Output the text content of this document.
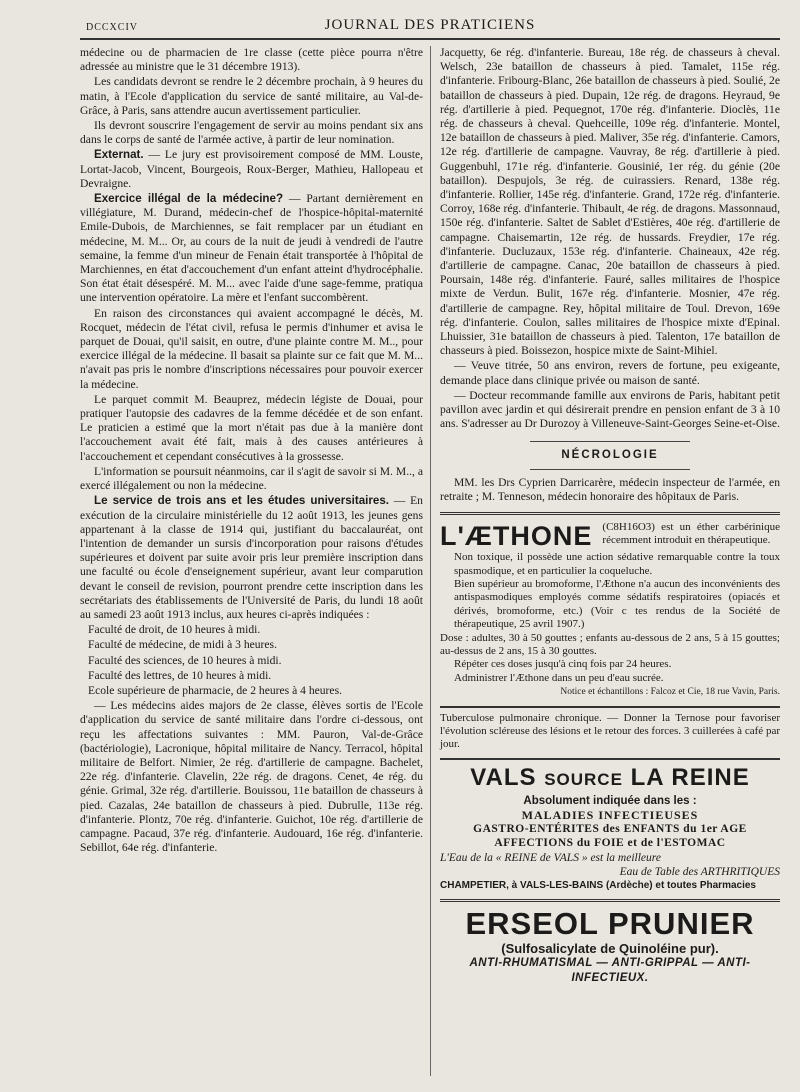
DCCXCIV	JOURNAL DES PRATICIENS

médecine ou de pharmacien de 1re classe (cette pièce pourra n'être adressée au ministre que le 31 décembre 1913).

Les candidats devront se rendre le 2 décembre prochain, à 9 heures du matin, à l'Ecole d'application du service de santé militaire, au Val-de-Grâce, à Paris, sans attendre aucun avertissement particulier.

Ils devront souscrire l'engagement de servir au moins pendant six ans dans le corps de santé de l'armée active, à partir de leur nomination.

Externat. — Le jury est provisoirement composé de MM. Louste, Lortat-Jacob, Vincent, Bourgeois, Roux-Berger, Mathieu, Hallopeau et Devraigne.

Exercice illégal de la médecine? — Partant dernièrement en villégiature, M. Durand, médecin-chef de l'hospice-hôpital-maternité Emile-Dubois, de Marchiennes, se fait remplacer par un étudiant en médecine, M. M... Or, au cours de la nuit de jeudi à vendredi de l'autre semaine, la femme d'un mineur de Fenain était transportée à l'hôpital de Marchiennes, en état d'accouchement d'un enfant atteint d'hydrocéphalie. Son état était désespéré. M. M... avec l'aide d'une sage-femme, pratiqua une intervention opératoire. La mère et l'enfant succombèrent.

En raison des circonstances qui avaient accompagné le décès, M. Rocquet, médecin de l'état civil, refusa le permis d'inhumer et avisa le parquet de Douai, qu'il saisit, en outre, d'une plainte contre M. M.., pour exercice illégal de la médecine. Il basait sa plainte sur ce fait que M. M... n'avait pas pris le nombre d'inscriptions nécessaires pour pouvoir exercer la médecine.

Le parquet commit M. Beauprez, médecin légiste de Douai, pour pratiquer l'autopsie des cadavres de la femme décédée et de son enfant. Le praticien a estimé que la mort n'était pas due à la manière dont l'accouchement avait été fait, mais à des causes antérieures à l'accouchement et cependant consécutives à la grossesse.

L'information se poursuit néanmoins, car il s'agit de savoir si M. M.., a exercé illégalement ou non la médecine.

Le service de trois ans et les études universitaires. — En exécution de la circulaire ministérielle du 12 août 1913, les jeunes gens appartenant à la classe de 1914 qui, justifiant du baccalauréat, ont l'intention de demander un sursis d'incorporation pour raisons d'études supérieures et doivent par suite avoir pris leur première inscription dans une faculté ou école d'enseignement supérieur, avant leur comparution devant le conseil de revision, pourront prendre cette inscription dans les secrétariats des établissements de l'Université de Paris, du lundi 18 août au samedi 23 août 1913 inclus, aux heures ci-après indiquées :

Faculté de droit, de 10 heures à midi.

Faculté de médecine, de midi à 3 heures.

Faculté des sciences, de 10 heures à midi.

Faculté des lettres, de 10 heures à midi.

Ecole supérieure de pharmacie, de 2 heures à 4 heures.

— Les médecins aides majors de 2e classe, élèves sortis de l'Ecole d'application du service de santé militaire dans l'ordre ci-dessous, ont reçu les affectations suivantes : MM. Pauron, Val-de-Grâce (bactériologie), Lacronique, hôpital militaire de Nancy. Terracol, hôpital militaire de Belfort. Nimier, 2e rég. d'artillerie de campagne. Bachelet, 22e rég. d'infanterie. Clavelin, 22e rég. de dragons. Cenet, 4e rég. du génie. Grimal, 32e rég. d'artillerie. Bouissou, 11e bataillon de chasseurs à pied. Cazalas, 24e bataillon de chasseurs à pied. Dubrulle, 113e rég. d'infanterie. Plontz, 70e rég. d'infanterie. Guichot, 10e rég. d'artillerie de campagne. Pacaud, 37e rég. d'infanterie. Audouard, 16e rég. d'infanterie. Sebillot, 64e rég. d'infanterie.

Jacquetty, 6e rég. d'infanterie. Bureau, 18e rég. de chasseurs à cheval. Welsch, 23e bataillon de chasseurs à pied. Tamalet, 115e rég. d'infanterie. Fribourg-Blanc, 26e bataillon de chasseurs à pied. Soulié, 2e bataillon de chasseurs à pied. Dupain, 12e rég. de dragons. Heyraud, 9e rég. d'artillerie à pied. Pequegnot, 170e rég. d'infanterie. Dioclès, 11e rég. de chasseurs à cheval. Quehceille, 109e rég. d'infanterie. Montel, 12e bataillon de chasseurs à pied. Maliver, 35e rég. d'infanterie. Camors, 12e rég. d'artillerie de campagne. Vauvray, 8e rég. d'artillerie à pied. Guggenbuhl, 171e rég. d'infanterie. Gousinié, 1er rég. du génie (20e bataillon). Despujols, 3e rég. de cuirassiers. Renard, 138e rég. d'infanterie. Rollier, 145e rég. d'infanterie. Grand, 172e rég. d'infanterie. Corroy, 168e rég. d'infanterie. Thibault, 4e rég. de dragons. Massonnaud, 150e rég. d'infanterie. Saltet de Sablet d'Estières, 40e rég. d'artillerie de campagne. Chaisemartin, 12e rég. de hussards. Freydier, 17e rég. d'infanterie. Ducluzaux, 153e rég. d'infanterie. Chaineaux, 42e rég. d'artillerie de campagne. Canac, 20e bataillon de chasseurs à pied. Poursain, 148e rég. d'infanterie. Fauré, salles militaires de l'hospice mixte de Verdun. Bulit, 167e rég. d'infanterie. Mosnier, 47e rég. d'artillerie de campagne. Rey, hôpital militaire de Toul. Drevon, 169e rég. d'infanterie. Coulon, salles militaires de l'hospice mixte d'Epinal. Lhuissier, 31e bataillon de chasseurs à pied. Talenton, 17e bataillon de chasseurs à pied. Boissezon, hospice mixte de Saint-Mihiel.

— Veuve titrée, 50 ans environ, revers de fortune, peu exigeante, demande place dans clinique privée ou maison de santé.

— Docteur recommande famille aux environs de Paris, habitant petit pavillon avec jardin et qui désirerait prendre en pension enfant de 3 à 10 ans. S'adresser au Dr Durozoy à Villeneuve-Saint-Georges Seine-et-Oise.

NÉCROLOGIE

MM. les Drs Cyprien Darricarère, médecin inspecteur de l'armée, en retraite ; M. Tenneson, médecin honoraire des hôpitaux de Paris.

L'ÆTHONE (C8H16O3) est un éther carbérinique récemment introduit en thérapeutique.

Non toxique, il possède une action sédative remarquable contre la toux spasmodique, et en particulier la coqueluche.

Bien supérieur au bromoforme, l'Æthone n'a aucun des inconvénients des antispasmodiques employés comme sédatifs respiratoires (opiacés et dérivés, bromoforme, etc.) (Voir c tes rendus de la Société de thérapeutique, 25 avril 1907.)

Dose : adultes, 30 à 50 gouttes ; enfants au-dessous de 2 ans, 5 à 15 gouttes; au-dessus de 2 ans, 15 à 30 gouttes.

Répéter ces doses jusqu'à cinq fois par 24 heures.

Administrer l'Æthone dans un peu d'eau sucrée.

Notice et échantillons : Falcoz et Cie, 18 rue Vavin, Paris.

Tuberculose pulmonaire chronique. — Donner la Ternose pour favoriser l'évolution scléreuse des lésions et le retour des forces. 3 cuillerées à café par jour.

VALS SOURCE LA REINE
Absolument indiquée dans les :
MALADIES INFECTIEUSES
GASTRO-ENTÉRITES des ENFANTS du 1er AGE
AFFECTIONS du FOIE et de l'ESTOMAC
L'Eau de la « REINE de VALS » est la meilleure
Eau de Table des ARTHRITIQUES
CHAMPETIER, à VALS-LES-BAINS (Ardèche) et toutes Pharmacies
ERSEOL PRUNIER
(Sulfosalicylate de Quinoléine pur).
ANTI-RHUMATISMAL — ANTI-GRIPPAL — ANTI-INFECTIEUX.
